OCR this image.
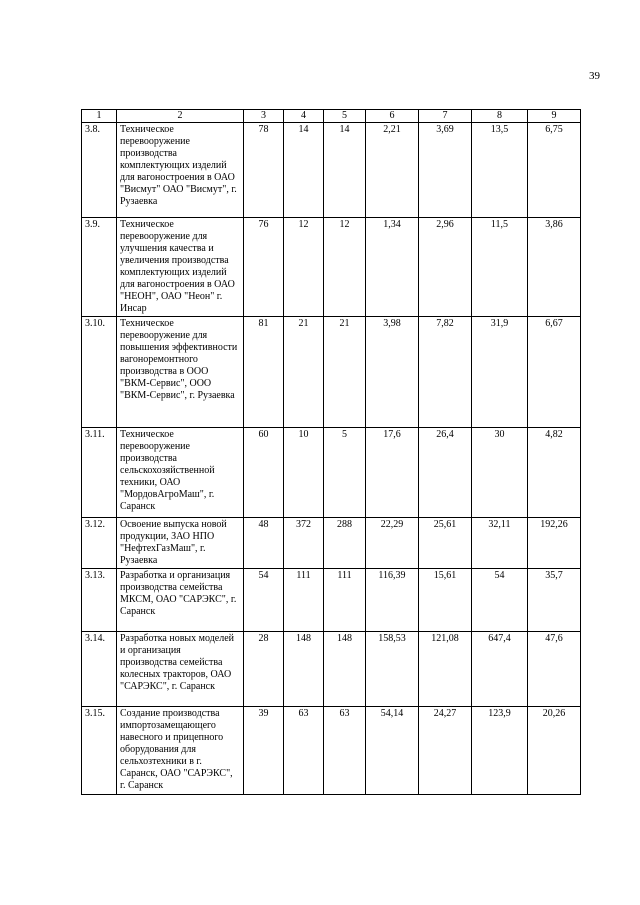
39
1	2	3	4	5	6	7	8	9
3.8.	Техническое перевооружение производства комплектующих изделий для вагоностроения в ОАО "Висмут" ОАО "Висмут", г. Рузаевка	78	14	14	2,21	3,69	13,5	6,75
3.9.	Техническое перевооружение для улучшения качества и увеличения производства комплектующих изделий для вагоностроения в ОАО "НЕОН", ОАО "Неон" г. Инсар	76	12	12	1,34	2,96	11,5	3,86
3.10.	Техническое перевооружение для повышения эффективности вагоноремонтного производства в ООО "ВКМ-Сервис", ООО "ВКМ-Сервис", г. Рузаевка	81	21	21	3,98	7,82	31,9	6,67
3.11.	Техническое перевооружение производства сельскохозяйственной техники, ОАО "МордовАгроМаш", г. Саранск	60	10	5	17,6	26,4	30	4,82
3.12.	Освоение выпуска новой продукции, ЗАО НПО "НефтехГазМаш", г. Рузаевка	48	372	288	22,29	25,61	32,11	192,26
3.13.	Разработка и организация производства семейства МКСМ, ОАО "САРЭКС", г. Саранск	54	111	111	116,39	15,61	54	35,7
3.14.	Разработка новых моделей и организация производства семейства колесных тракторов, ОАО "САРЭКС", г. Саранск	28	148	148	158,53	121,08	647,4	47,6
3.15.	Создание производства импортозамещающего навесного и прицепного оборудования для сельхозтехники в г. Саранск, ОАО "САРЭКС", г. Саранск	39	63	63	54,14	24,27	123,9	20,26
